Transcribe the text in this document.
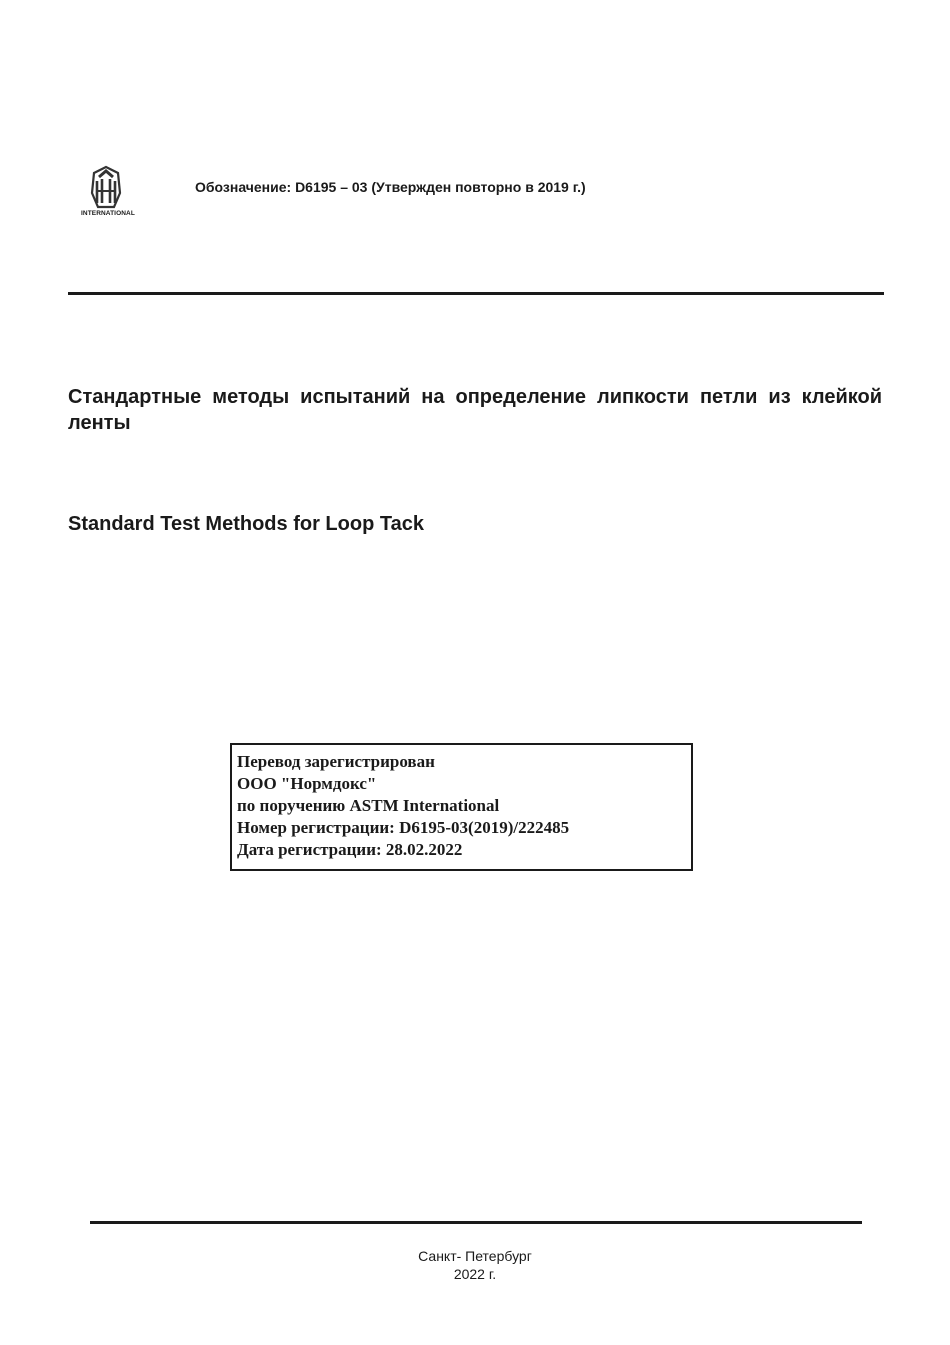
INTERNATIONAL
Обозначение: D6195 – 03 (Утвержден повторно в 2019 г.)
Стандартные методы испытаний на определение липкости петли из клейкой ленты
Standard Test Methods for Loop Tack
Перевод зарегистрирован
ООО "Нормдокс"
по поручению ASTM International
Номер регистрации: D6195-03(2019)/222485
Дата регистрации: 28.02.2022
Санкт- Петербург
2022 г.
